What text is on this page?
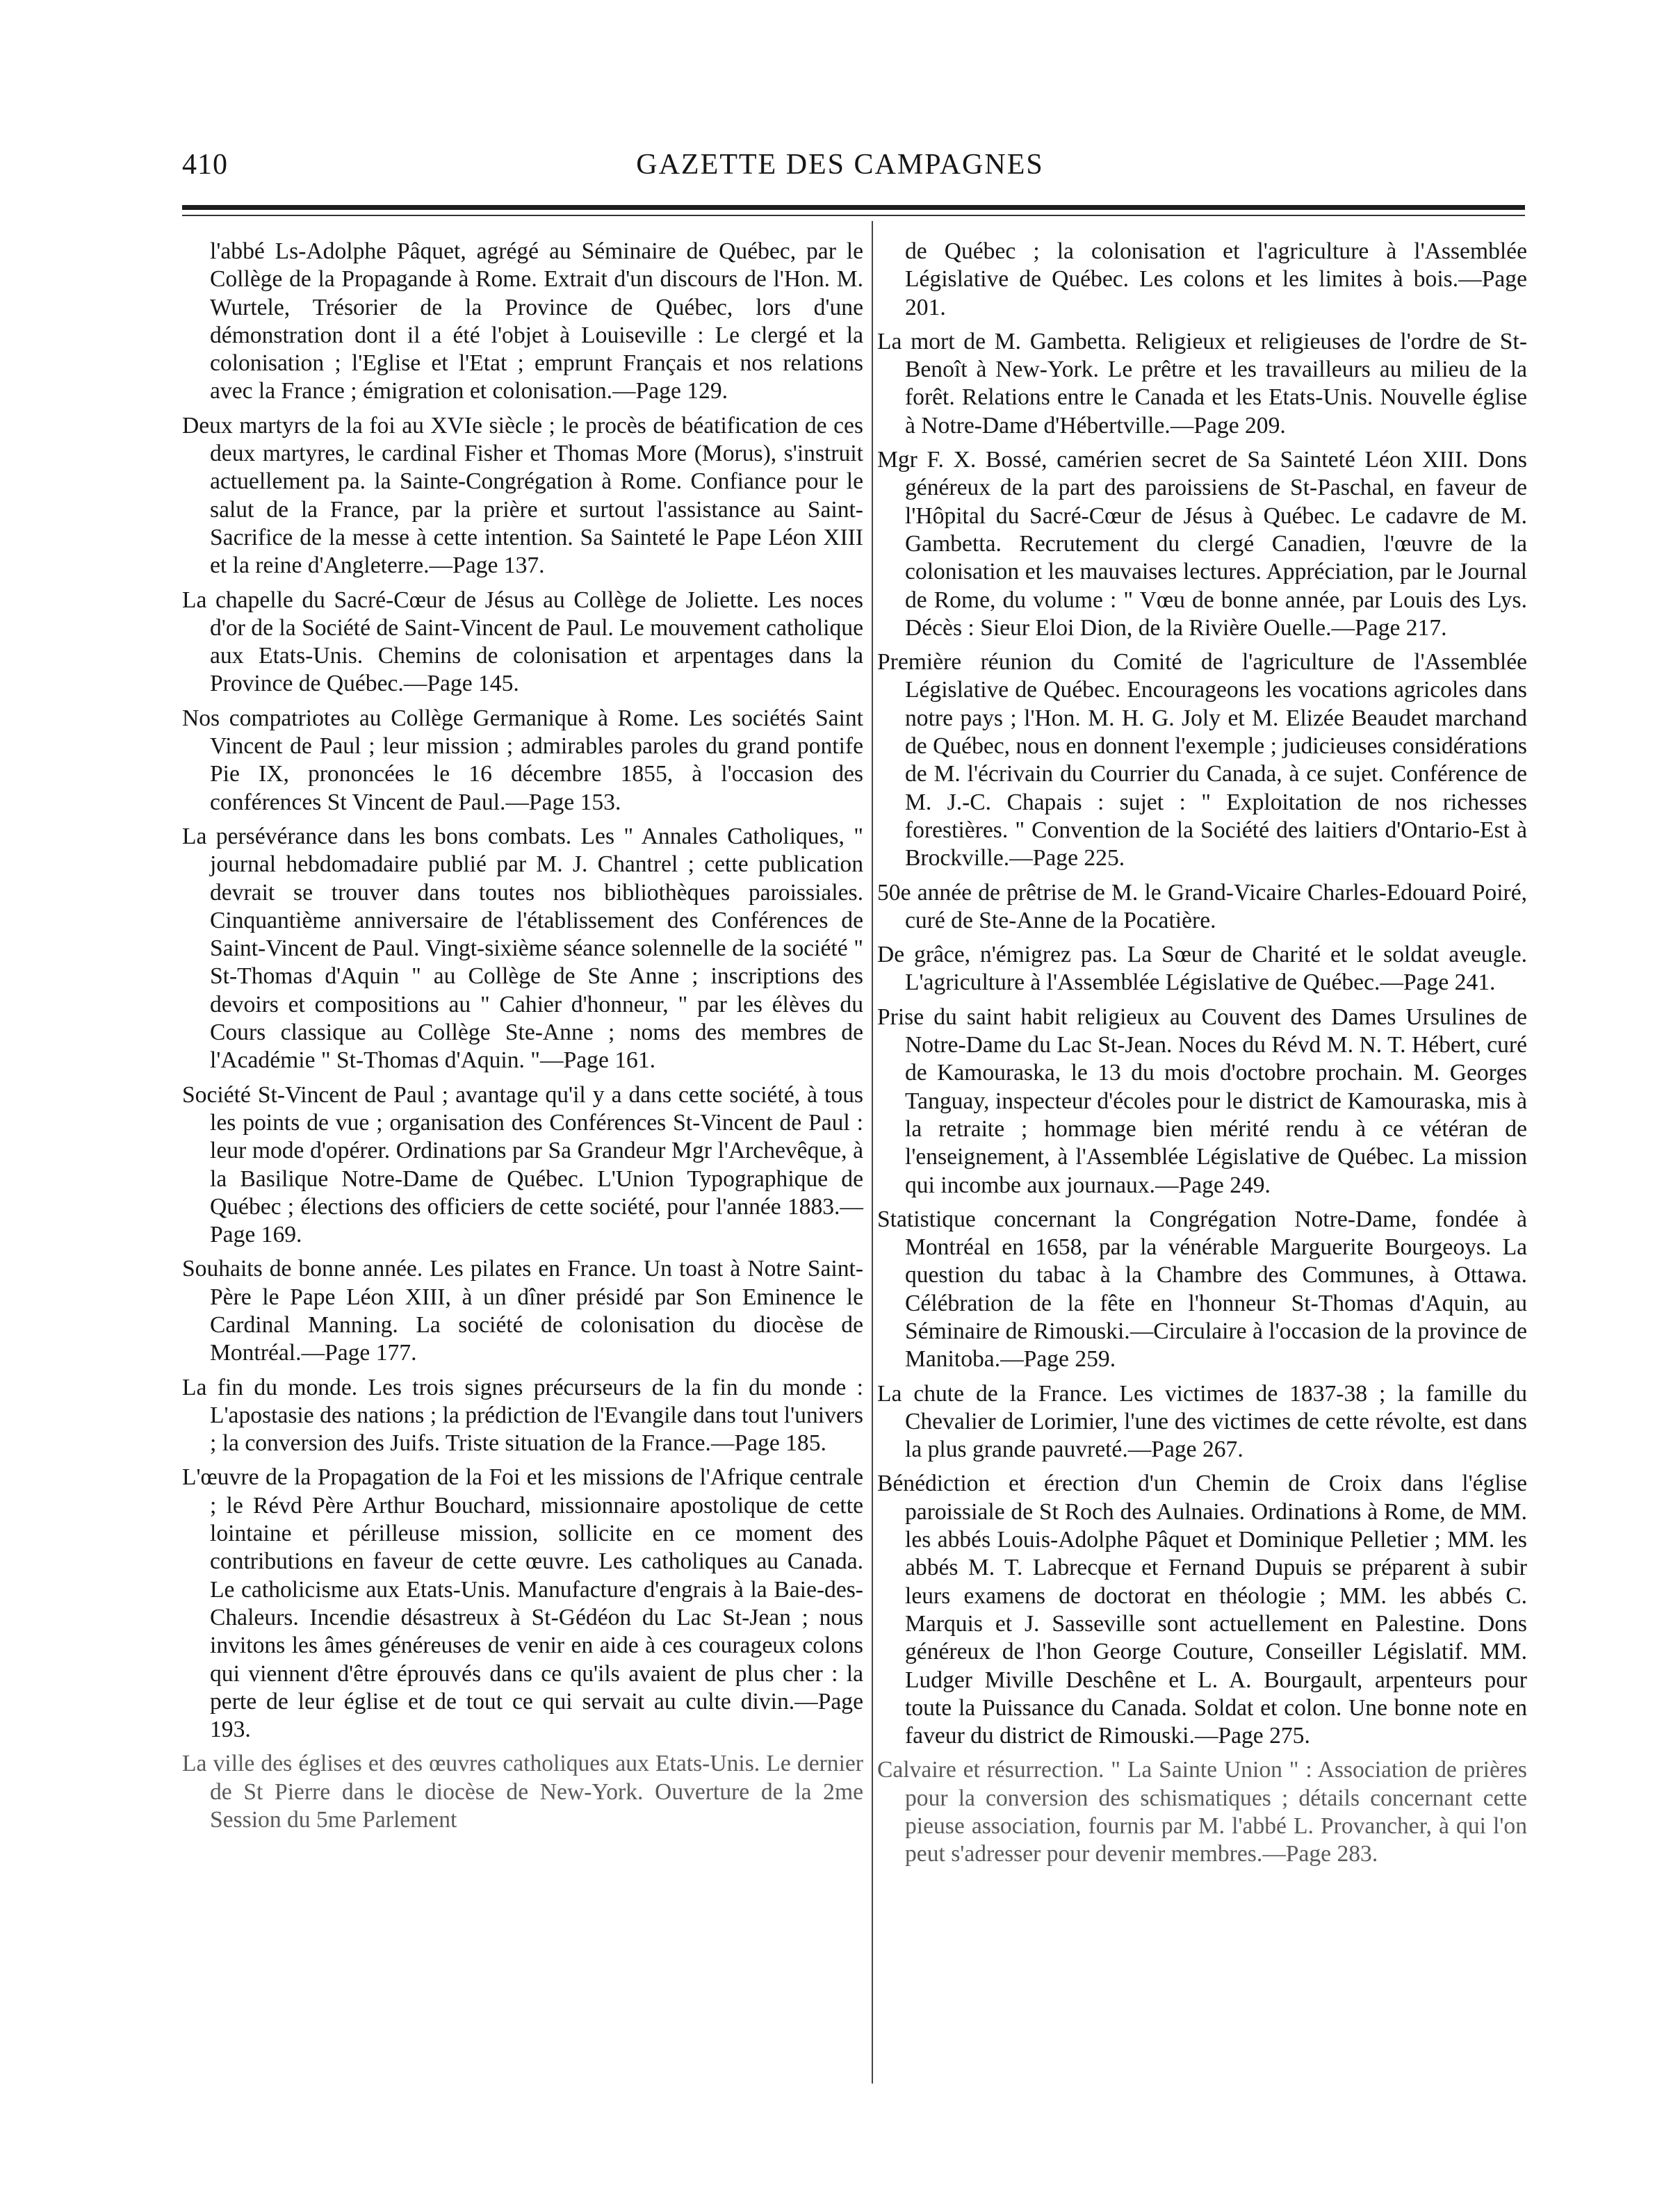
410	GAZETTE DES CAMPAGNES

l'abbé Ls-Adolphe Pâquet, agrégé au Séminaire de Québec, par le Collège de la Propagande à Rome. Extrait d'un discours de l'Hon. M. Wurtele, Trésorier de la Province de Québec, lors d'une démonstration dont il a été l'objet à Louiseville : Le clergé et la colonisation ; l'Eglise et l'Etat ; emprunt Français et nos relations avec la France ; émigration et colonisation.—Page 129.

Deux martyrs de la foi au XVIe siècle ; le procès de béatification de ces deux martyres, le cardinal Fisher et Thomas More (Morus), s'instruit actuellement pa. la Sainte-Congrégation à Rome. Confiance pour le salut de la France, par la prière et surtout l'assistance au Saint-Sacrifice de la messe à cette intention. Sa Sainteté le Pape Léon XIII et la reine d'Angleterre.—Page 137.

La chapelle du Sacré-Cœur de Jésus au Collège de Joliette. Les noces d'or de la Société de Saint-Vincent de Paul. Le mouvement catholique aux Etats-Unis. Chemins de colonisation et arpentages dans la Province de Québec.—Page 145.

Nos compatriotes au Collège Germanique à Rome. Les sociétés Saint Vincent de Paul ; leur mission ; admirables paroles du grand pontife Pie IX, prononcées le 16 décembre 1855, à l'occasion des conférences St Vincent de Paul.—Page 153.

La persévérance dans les bons combats. Les " Annales Catholiques, " journal hebdomadaire publié par M. J. Chantrel ; cette publication devrait se trouver dans toutes nos bibliothèques paroissiales. Cinquantième anniversaire de l'établissement des Conférences de Saint-Vincent de Paul. Vingt-sixième séance solennelle de la société " St-Thomas d'Aquin " au Collège de Ste Anne ; inscriptions des devoirs et compositions au " Cahier d'honneur, " par les élèves du Cours classique au Collège Ste-Anne ; noms des membres de l'Académie " St-Thomas d'Aquin. "—Page 161.

Société St-Vincent de Paul ; avantage qu'il y a dans cette société, à tous les points de vue ; organisation des Conférences St-Vincent de Paul : leur mode d'opérer. Ordinations par Sa Grandeur Mgr l'Archevêque, à la Basilique Notre-Dame de Québec. L'Union Typographique de Québec ; élections des officiers de cette société, pour l'année 1883.—Page 169.

Souhaits de bonne année. Les pilates en France. Un toast à Notre Saint-Père le Pape Léon XIII, à un dîner présidé par Son Eminence le Cardinal Manning. La société de colonisation du diocèse de Montréal.—Page 177.

La fin du monde. Les trois signes précurseurs de la fin du monde : L'apostasie des nations ; la prédiction de l'Evangile dans tout l'univers ; la conversion des Juifs. Triste situation de la France.—Page 185.

L'œuvre de la Propagation de la Foi et les missions de l'Afrique centrale ; le Révd Père Arthur Bouchard, missionnaire apostolique de cette lointaine et périlleuse mission, sollicite en ce moment des contributions en faveur de cette œuvre. Les catholiques au Canada. Le catholicisme aux Etats-Unis. Manufacture d'engrais à la Baie-des-Chaleurs. Incendie désastreux à St-Gédéon du Lac St-Jean ; nous invitons les âmes généreuses de venir en aide à ces courageux colons qui viennent d'être éprouvés dans ce qu'ils avaient de plus cher : la perte de leur église et de tout ce qui servait au culte divin.—Page 193.

La ville des églises et des œuvres catholiques aux Etats-Unis. Le dernier de St Pierre dans le diocèse de New-York. Ouverture de la 2me Session du 5me Parlement

de Québec ; la colonisation et l'agriculture à l'Assemblée Législative de Québec. Les colons et les limites à bois.—Page 201.

La mort de M. Gambetta. Religieux et religieuses de l'ordre de St-Benoît à New-York. Le prêtre et les travailleurs au milieu de la forêt. Relations entre le Canada et les Etats-Unis. Nouvelle église à Notre-Dame d'Hébertville.—Page 209.

Mgr F. X. Bossé, camérien secret de Sa Sainteté Léon XIII. Dons généreux de la part des paroissiens de St-Paschal, en faveur de l'Hôpital du Sacré-Cœur de Jésus à Québec. Le cadavre de M. Gambetta. Recrutement du clergé Canadien, l'œuvre de la colonisation et les mauvaises lectures. Appréciation, par le Journal de Rome, du volume : " Vœu de bonne année, par Louis des Lys. Décès : Sieur Eloi Dion, de la Rivière Ouelle.—Page 217.

Première réunion du Comité de l'agriculture de l'Assemblée Législative de Québec. Encourageons les vocations agricoles dans notre pays ; l'Hon. M. H. G. Joly et M. Elizée Beaudet marchand de Québec, nous en donnent l'exemple ; judicieuses considérations de M. l'écrivain du Courrier du Canada, à ce sujet. Conférence de M. J.-C. Chapais : sujet : " Exploitation de nos richesses forestières. " Convention de la Société des laitiers d'Ontario-Est à Brockville.—Page 225.

50e année de prêtrise de M. le Grand-Vicaire Charles-Edouard Poiré, curé de Ste-Anne de la Pocatière.

De grâce, n'émigrez pas. La Sœur de Charité et le soldat aveugle. L'agriculture à l'Assemblée Législative de Québec.—Page 241.

Prise du saint habit religieux au Couvent des Dames Ursulines de Notre-Dame du Lac St-Jean. Noces du Révd M. N. T. Hébert, curé de Kamouraska, le 13 du mois d'octobre prochain. M. Georges Tanguay, inspecteur d'écoles pour le district de Kamouraska, mis à la retraite ; hommage bien mérité rendu à ce vétéran de l'enseignement, à l'Assemblée Législative de Québec. La mission qui incombe aux journaux.—Page 249.

Statistique concernant la Congrégation Notre-Dame, fondée à Montréal en 1658, par la vénérable Marguerite Bourgeoys. La question du tabac à la Chambre des Communes, à Ottawa. Célébration de la fête en l'honneur St-Thomas d'Aquin, au Séminaire de Rimouski.—Circulaire à l'occasion de la province de Manitoba.—Page 259.

La chute de la France. Les victimes de 1837-38 ; la famille du Chevalier de Lorimier, l'une des victimes de cette révolte, est dans la plus grande pauvreté.—Page 267.

Bénédiction et érection d'un Chemin de Croix dans l'église paroissiale de St Roch des Aulnaies. Ordinations à Rome, de MM. les abbés Louis-Adolphe Pâquet et Dominique Pelletier ; MM. les abbés M. T. Labrecque et Fernand Dupuis se préparent à subir leurs examens de doctorat en théologie ; MM. les abbés C. Marquis et J. Sasseville sont actuellement en Palestine. Dons généreux de l'hon George Couture, Conseiller Législatif. MM. Ludger Miville Deschêne et L. A. Bourgault, arpenteurs pour toute la Puissance du Canada. Soldat et colon. Une bonne note en faveur du district de Rimouski.—Page 275.

Calvaire et résurrection. " La Sainte Union " : Association de prières pour la conversion des schismatiques ; détails concernant cette pieuse association, fournis par M. l'abbé L. Provancher, à qui l'on peut s'adresser pour devenir membres.—Page 283.
